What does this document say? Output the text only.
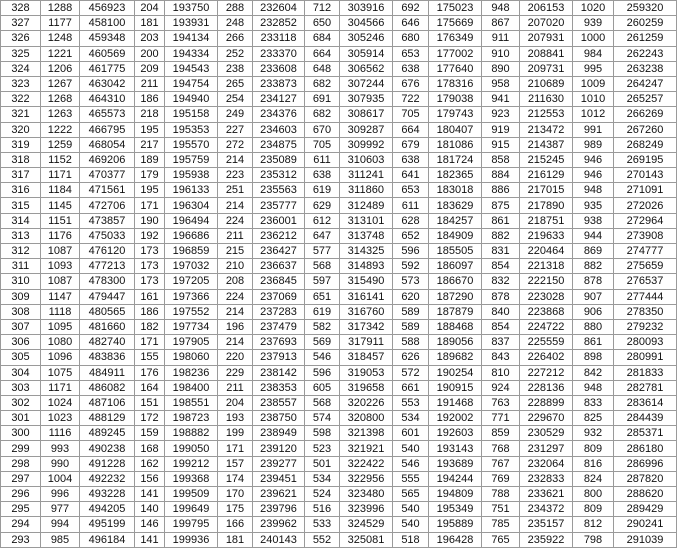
328	1288	456923	204	193750	288	232604	712	303916	692	175023	948	206153	1020	259320
327	1177	458100	181	193931	248	232852	650	304566	646	175669	867	207020	939	260259
326	1248	459348	203	194134	266	233118	684	305246	680	176349	911	207931	1000	261259
325	1221	460569	200	194334	252	233370	664	305914	653	177002	910	208841	984	262243
324	1206	461775	209	194543	238	233608	648	306562	638	177640	890	209731	995	263238
323	1267	463042	211	194754	265	233873	682	307244	676	178316	958	210689	1009	264247
322	1268	464310	186	194940	254	234127	691	307935	722	179038	941	211630	1010	265257
321	1263	465573	218	195158	249	234376	682	308617	705	179743	923	212553	1012	266269
320	1222	466795	195	195353	227	234603	670	309287	664	180407	919	213472	991	267260
319	1259	468054	217	195570	272	234875	705	309992	679	181086	915	214387	989	268249
318	1152	469206	189	195759	214	235089	611	310603	638	181724	858	215245	946	269195
317	1171	470377	179	195938	223	235312	638	311241	641	182365	884	216129	946	270143
316	1184	471561	195	196133	251	235563	619	311860	653	183018	886	217015	948	271091
315	1145	472706	171	196304	214	235777	629	312489	611	183629	875	217890	935	272026
314	1151	473857	190	196494	224	236001	612	313101	628	184257	861	218751	938	272964
313	1176	475033	192	196686	211	236212	647	313748	652	184909	882	219633	944	273908
312	1087	476120	173	196859	215	236427	577	314325	596	185505	831	220464	869	274777
311	1093	477213	173	197032	210	236637	568	314893	592	186097	854	221318	882	275659
310	1087	478300	173	197205	208	236845	597	315490	573	186670	832	222150	878	276537
309	1147	479447	161	197366	224	237069	651	316141	620	187290	878	223028	907	277444
308	1118	480565	186	197552	214	237283	619	316760	589	187879	840	223868	906	278350
307	1095	481660	182	197734	196	237479	582	317342	589	188468	854	224722	880	279232
306	1080	482740	171	197905	214	237693	569	317911	588	189056	837	225559	861	280093
305	1096	483836	155	198060	220	237913	546	318457	626	189682	843	226402	898	280991
304	1075	484911	176	198236	229	238142	596	319053	572	190254	810	227212	842	281833
303	1171	486082	164	198400	211	238353	605	319658	661	190915	924	228136	948	282781
302	1024	487106	151	198551	204	238557	568	320226	553	191468	763	228899	833	283614
301	1023	488129	172	198723	193	238750	574	320800	534	192002	771	229670	825	284439
300	1116	489245	159	198882	199	238949	598	321398	601	192603	859	230529	932	285371
299	993	490238	168	199050	171	239120	523	321921	540	193143	768	231297	809	286180
298	990	491228	162	199212	157	239277	501	322422	546	193689	767	232064	816	286996
297	1004	492232	156	199368	174	239451	534	322956	555	194244	769	232833	824	287820
296	996	493228	141	199509	170	239621	524	323480	565	194809	788	233621	800	288620
295	977	494205	140	199649	175	239796	516	323996	540	195349	751	234372	809	289429
294	994	495199	146	199795	166	239962	533	324529	540	195889	785	235157	812	290241
293	985	496184	141	199936	181	240143	552	325081	518	196428	765	235922	798	291039
